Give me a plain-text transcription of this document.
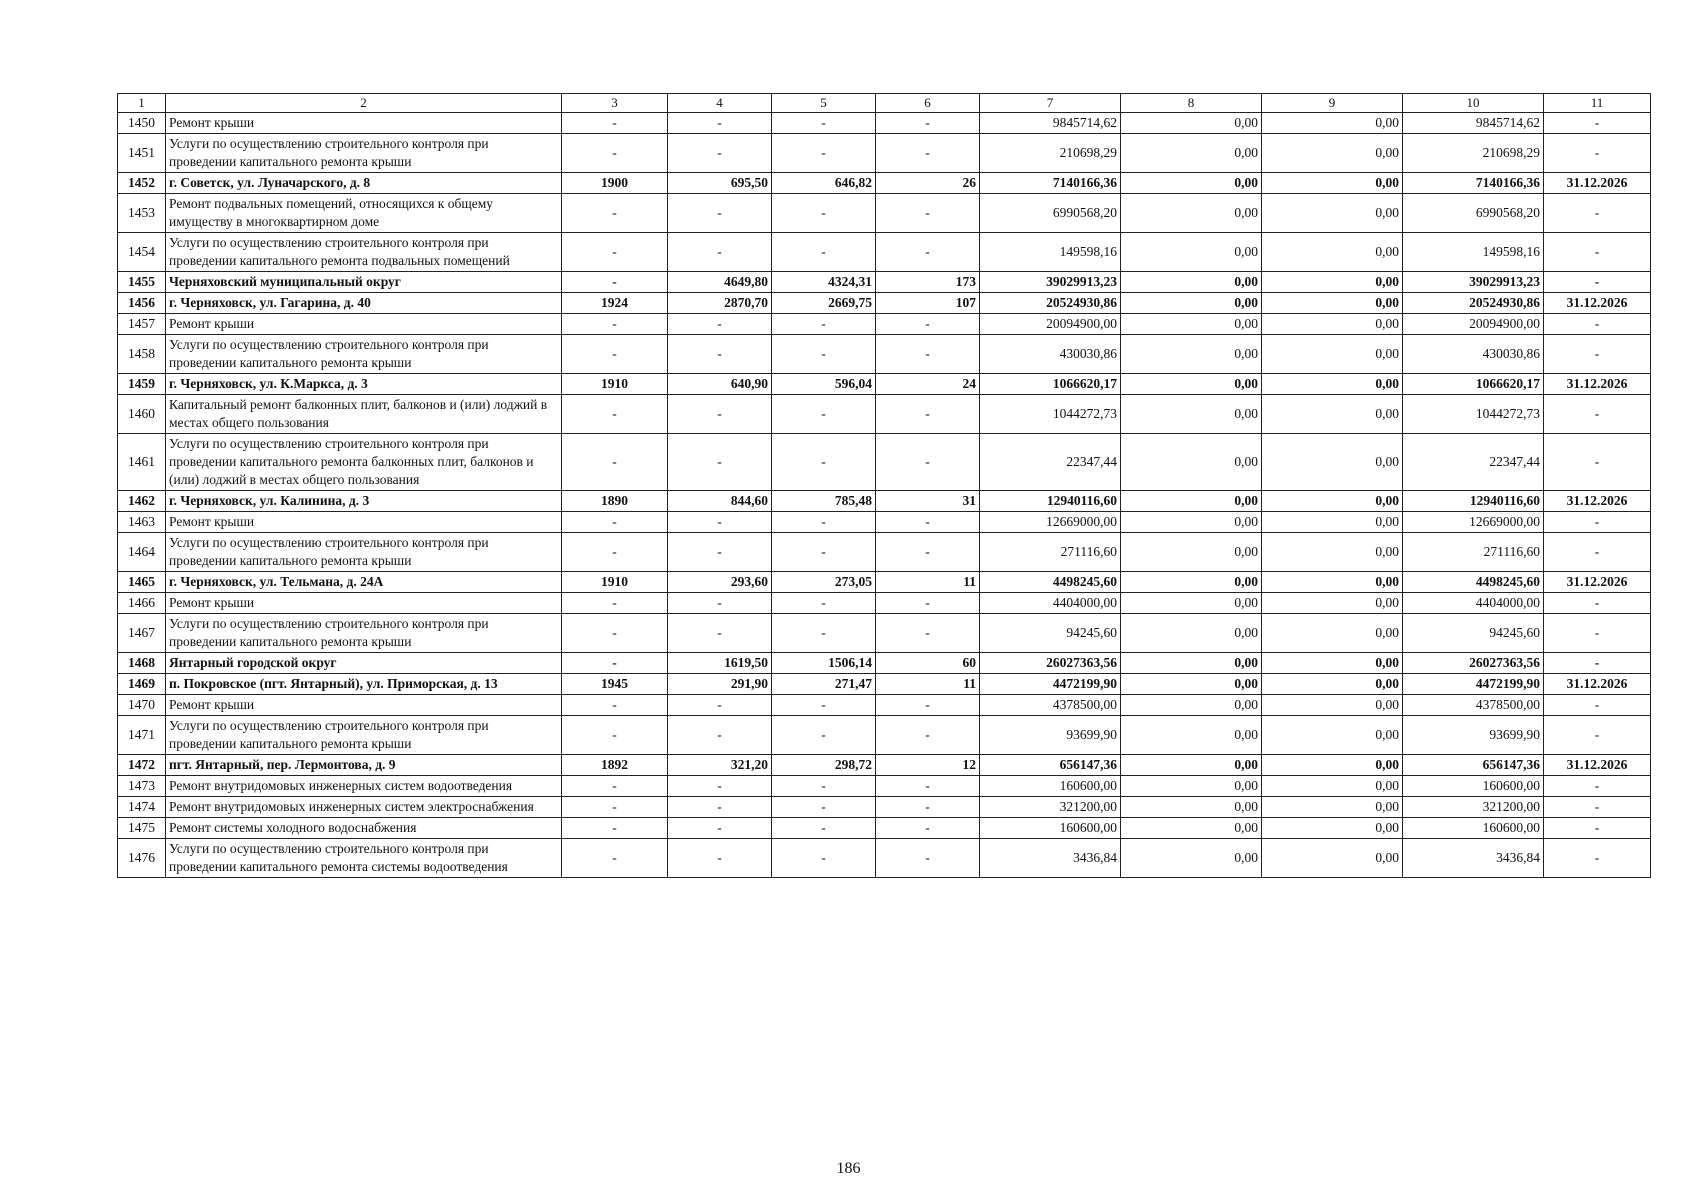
1	2	3	4	5	6	7	8	9	10	11
1450	Ремонт крыши	-	-	-	-	9845714,62	0,00	0,00	9845714,62	-
1451	Услуги по осуществлению строительного контроля при проведении капитального ремонта крыши	-	-	-	-	210698,29	0,00	0,00	210698,29	-
1452	г. Советск, ул. Луначарского, д. 8	1900	695,50	646,82	26	7140166,36	0,00	0,00	7140166,36	31.12.2026
1453	Ремонт подвальных помещений, относящихся к общему имуществу в многоквартирном доме	-	-	-	-	6990568,20	0,00	0,00	6990568,20	-
1454	Услуги по осуществлению строительного контроля при проведении капитального ремонта подвальных помещений	-	-	-	-	149598,16	0,00	0,00	149598,16	-
1455	Черняховский муниципальный округ	-	4649,80	4324,31	173	39029913,23	0,00	0,00	39029913,23	-
1456	г. Черняховск, ул. Гагарина, д. 40	1924	2870,70	2669,75	107	20524930,86	0,00	0,00	20524930,86	31.12.2026
1457	Ремонт крыши	-	-	-	-	20094900,00	0,00	0,00	20094900,00	-
1458	Услуги по осуществлению строительного контроля при проведении капитального ремонта крыши	-	-	-	-	430030,86	0,00	0,00	430030,86	-
1459	г. Черняховск, ул. К.Маркса, д. 3	1910	640,90	596,04	24	1066620,17	0,00	0,00	1066620,17	31.12.2026
1460	Капитальный ремонт балконных плит, балконов и (или) лоджий в местах общего пользования	-	-	-	-	1044272,73	0,00	0,00	1044272,73	-
1461	Услуги по осуществлению строительного контроля при проведении капитального ремонта балконных плит, балконов и (или) лоджий в местах общего пользования	-	-	-	-	22347,44	0,00	0,00	22347,44	-
1462	г. Черняховск, ул. Калинина, д. 3	1890	844,60	785,48	31	12940116,60	0,00	0,00	12940116,60	31.12.2026
1463	Ремонт крыши	-	-	-	-	12669000,00	0,00	0,00	12669000,00	-
1464	Услуги по осуществлению строительного контроля при проведении капитального ремонта крыши	-	-	-	-	271116,60	0,00	0,00	271116,60	-
1465	г. Черняховск, ул. Тельмана, д. 24А	1910	293,60	273,05	11	4498245,60	0,00	0,00	4498245,60	31.12.2026
1466	Ремонт крыши	-	-	-	-	4404000,00	0,00	0,00	4404000,00	-
1467	Услуги по осуществлению строительного контроля при проведении капитального ремонта крыши	-	-	-	-	94245,60	0,00	0,00	94245,60	-
1468	Янтарный городской округ	-	1619,50	1506,14	60	26027363,56	0,00	0,00	26027363,56	-
1469	п. Покровское (пгт. Янтарный), ул. Приморская, д. 13	1945	291,90	271,47	11	4472199,90	0,00	0,00	4472199,90	31.12.2026
1470	Ремонт крыши	-	-	-	-	4378500,00	0,00	0,00	4378500,00	-
1471	Услуги по осуществлению строительного контроля при проведении капитального ремонта крыши	-	-	-	-	93699,90	0,00	0,00	93699,90	-
1472	пгт. Янтарный, пер. Лермонтова, д. 9	1892	321,20	298,72	12	656147,36	0,00	0,00	656147,36	31.12.2026
1473	Ремонт внутридомовых инженерных систем водоотведения	-	-	-	-	160600,00	0,00	0,00	160600,00	-
1474	Ремонт внутридомовых инженерных систем электроснабжения	-	-	-	-	321200,00	0,00	0,00	321200,00	-
1475	Ремонт системы холодного водоснабжения	-	-	-	-	160600,00	0,00	0,00	160600,00	-
1476	Услуги по осуществлению строительного контроля при проведении капитального ремонта системы водоотведения	-	-	-	-	3436,84	0,00	0,00	3436,84	-
186
